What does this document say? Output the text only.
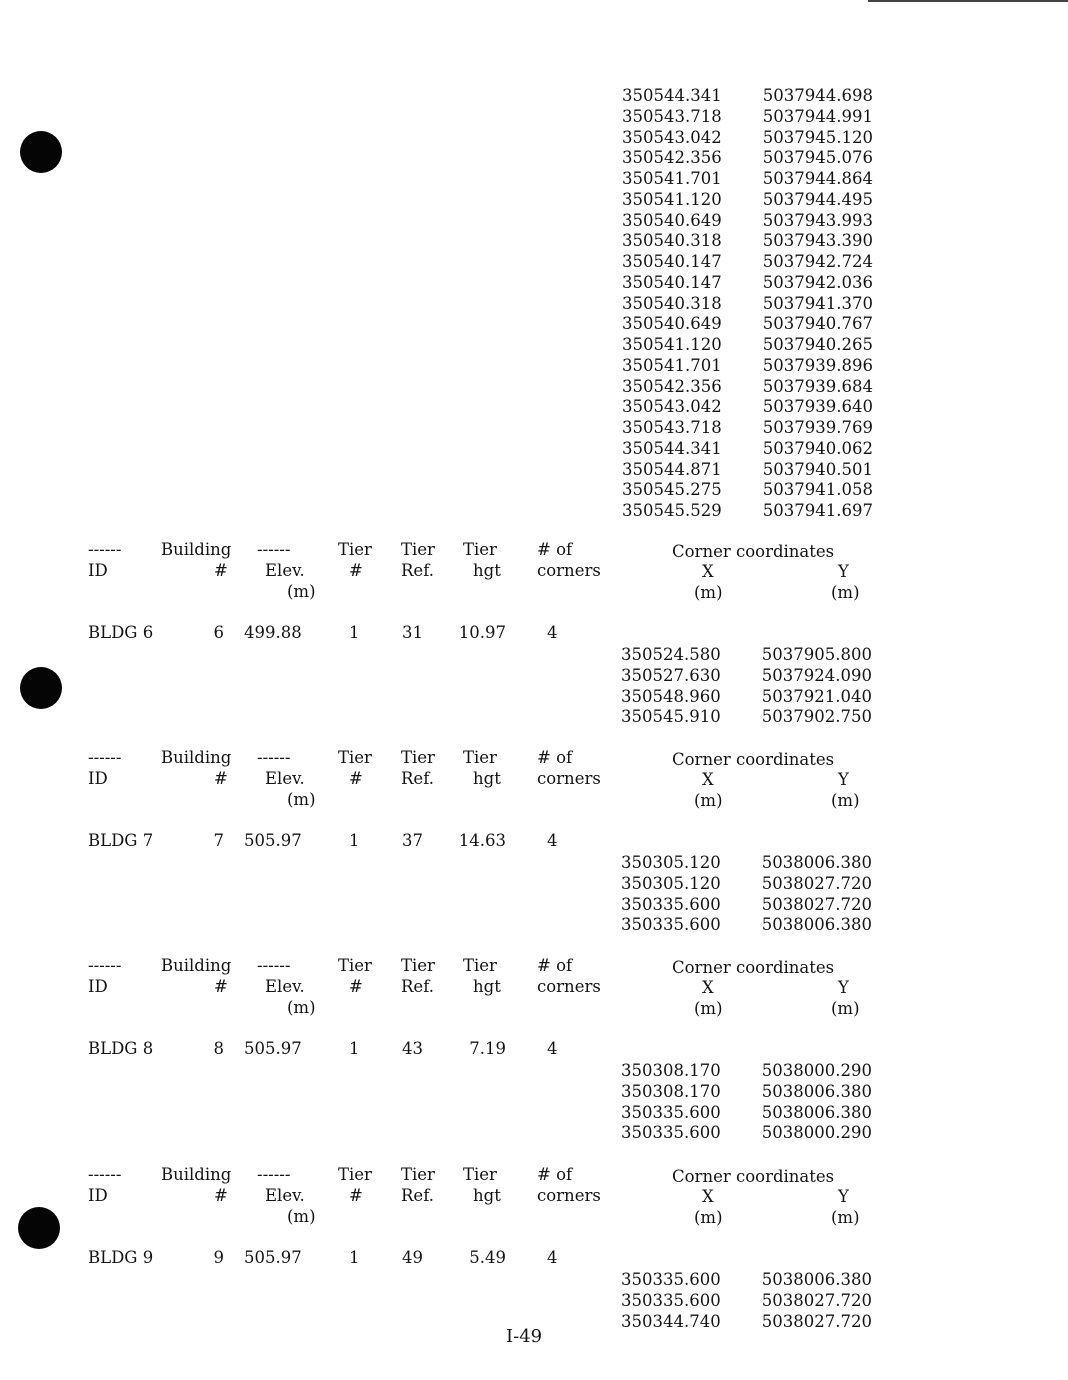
350544.341 5037944.698
350543.718 5037944.991
350543.042 5037945.120
350542.356 5037945.076
350541.701 5037944.864
350541.120 5037944.495
350540.649 5037943.993
350540.318 5037943.390
350540.147 5037942.724
350540.147 5037942.036
350540.318 5037941.370
350540.649 5037940.767
350541.120 5037940.265
350541.701 5037939.896
350542.356 5037939.684
350543.042 5037939.640
350543.718 5037939.769
350544.341 5037940.062
350544.871 5037940.501
350545.275 5037941.058
350545.529 5037941.697
------ Building ------	Tier Tier Tier # of	Corner coordinates
ID	# Elev.	# Ref. hgt corners	X	Y
(m)	(m)	(m)
BLDG 6	6 499.88	1	31	10.97 4
350524.580 5037905.800
350527.630 5037924.090
350548.960 5037921.040
350545.910 5037902.750
------ Building ------	Tier Tier Tier # of	Corner coordinates
ID	# Elev.	# Ref. hgt corners	X	Y
(m)	(m)	(m)
BLDG 7	7 505.97	1	37	14.63 4
350305.120 5038006.380
350305.120 5038027.720
350335.600 5038027.720
350335.600 5038006.380
------ Building ------	Tier Tier Tier # of	Corner coordinates
ID	# Elev.	# Ref. hgt corners	X	Y
(m)	(m)	(m)
BLDG 8	8 505.97	1	43	7.19 4
350308.170 5038000.290
350308.170 5038006.380
350335.600 5038006.380
350335.600 5038000.290
------ Building ------	Tier Tier Tier # of	Corner coordinates
ID	# Elev.	# Ref. hgt corners	X	Y
(m)	(m)	(m)
BLDG 9	9 505.97	1	49	5.49 4
350335.600 5038006.380
350335.600 5038027.720
350344.740 5038027.720
I-49
